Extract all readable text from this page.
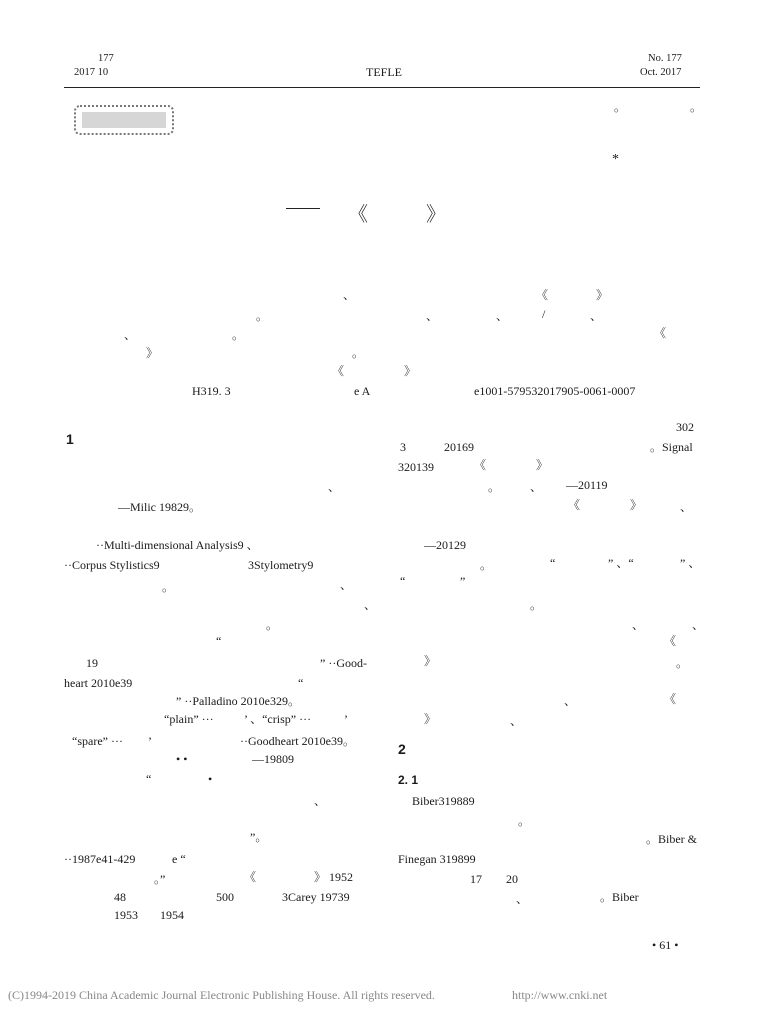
177
2017 10	TEFLE
No. 177
Oct. 2017
。	。
*
《	》
、	《	》
。	、	、	/	、
、	。	《
》	。
《	》
H319. 3	e A	e1001-579532017905-0061-0007
1
、
—Milic 19829。
··Multi-dimensional Analysis9 、
··Corpus Stylistics9	3Stylometry9
。	、
、
。
“
19	” ··Good-
heart 2010e39	“
” ··Palladino 2010e329。
“plain” ···	’ 、“crisp” ···	’
“spare” ··· ’	··Goodheart 2010e39。
• •	—19809
“	•
、
”。
··1987e41-429	e “
。”	《	》 1952
48	500	3Carey 19739
1953 1954
302
3	20169	。Signal
320139	《	》
。 、 —20119
《	》	、
—20129
。	“	” 、“	” 、
“	”
。
、	、
《
》	。
、	《
》	、
2
2. 1
Biber319889
。
。Biber &
Finegan 319899
17 20
、	。Biber
• 61 •
(C)1994-2019 China Academic Journal Electronic Publishing House. All rights reserved.	http://www.cnki.net
